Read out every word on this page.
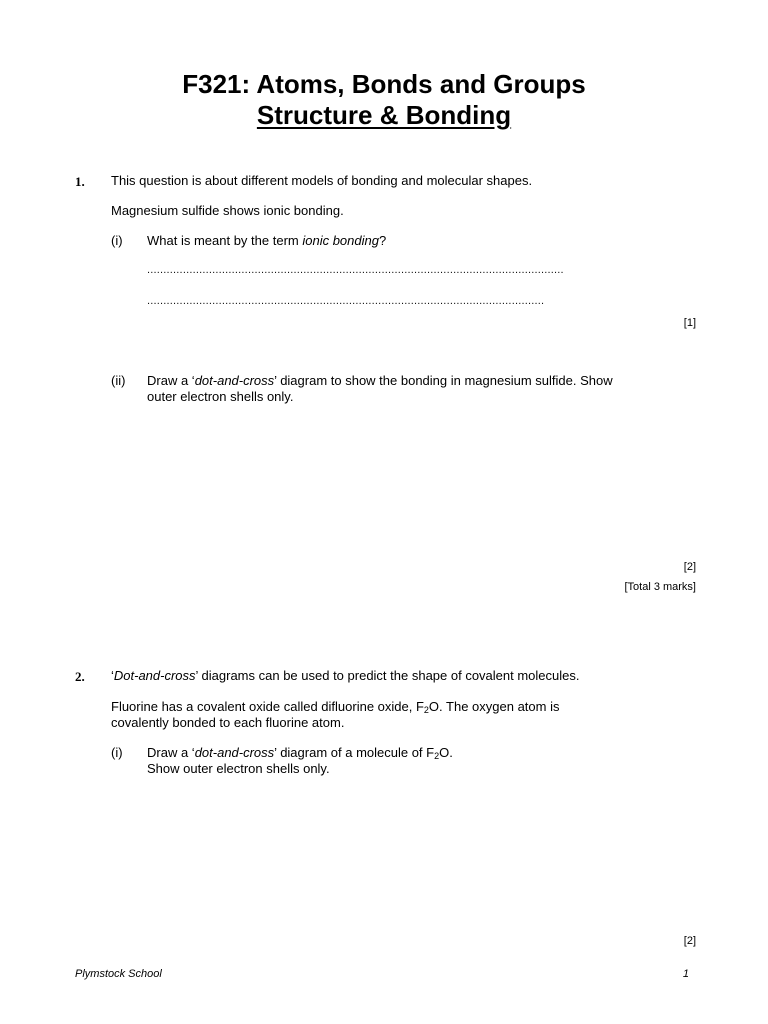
F321: Atoms, Bonds and Groups
Structure & Bonding
1. This question is about different models of bonding and molecular shapes.
Magnesium sulfide shows ionic bonding.
(i) What is meant by the term ionic bonding?
................................................................................................................................
..........................................................................................................................
[1]
(ii) Draw a ‘dot-and-cross’ diagram to show the bonding in magnesium sulfide. Show
outer electron shells only.
[2]
[Total 3 marks]
2. ‘Dot-and-cross’ diagrams can be used to predict the shape of covalent molecules.
Fluorine has a covalent oxide called difluorine oxide, $F_2O$. The oxygen atom is
covalently bonded to each fluorine atom.
(i) Draw a ‘dot-and-cross’ diagram of a molecule of $F_2O$.
Show outer electron shells only.
[2]
Plymstock School	1
